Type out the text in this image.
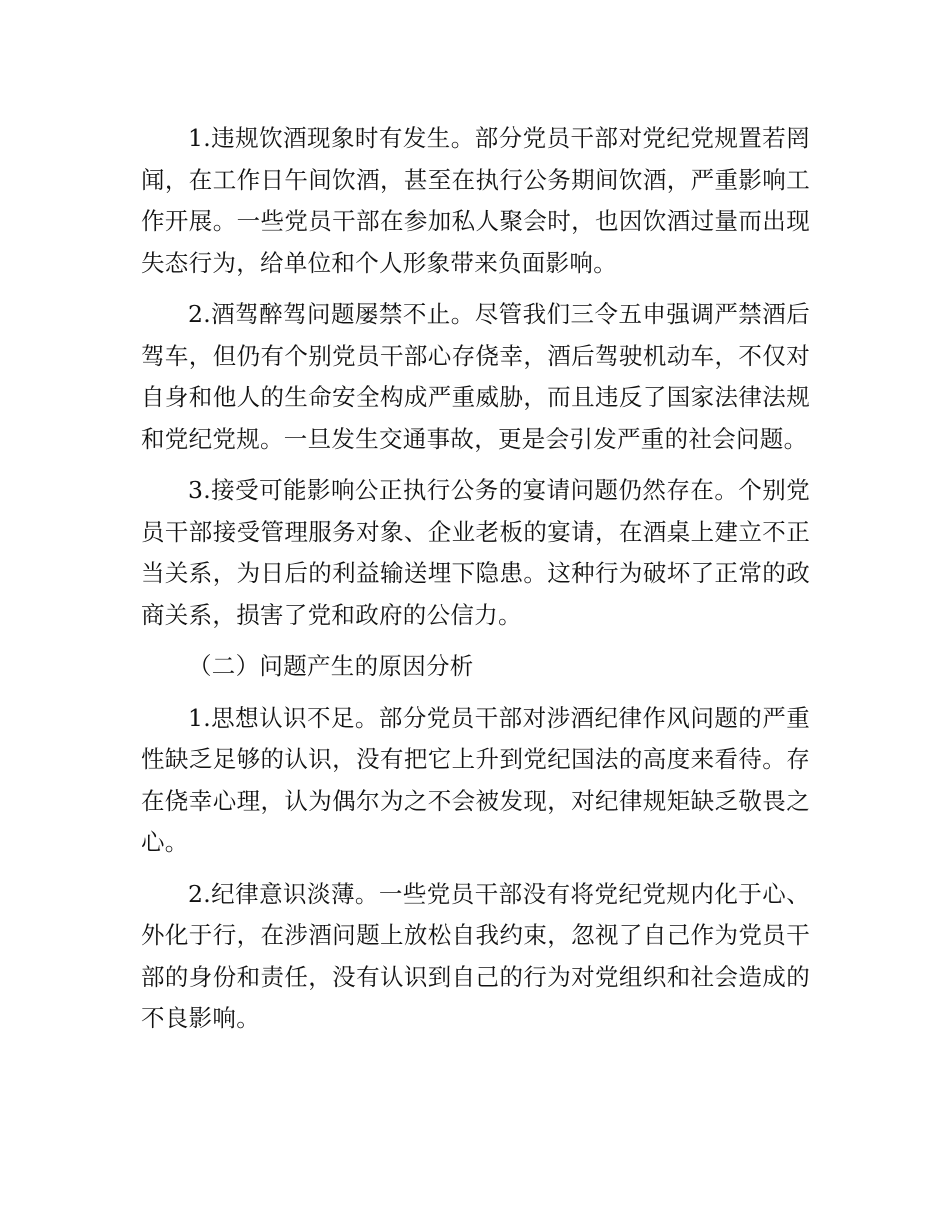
1.违规饮酒现象时有发生。部分党员干部对党纪党规置若罔闻，在工作日午间饮酒，甚至在执行公务期间饮酒，严重影响工作开展。一些党员干部在参加私人聚会时，也因饮酒过量而出现失态行为，给单位和个人形象带来负面影响。

2.酒驾醉驾问题屡禁不止。尽管我们三令五申强调严禁酒后驾车，但仍有个别党员干部心存侥幸，酒后驾驶机动车，不仅对自身和他人的生命安全构成严重威胁，而且违反了国家法律法规和党纪党规。一旦发生交通事故，更是会引发严重的社会问题。

3.接受可能影响公正执行公务的宴请问题仍然存在。个别党员干部接受管理服务对象、企业老板的宴请，在酒桌上建立不正当关系，为日后的利益输送埋下隐患。这种行为破坏了正常的政商关系，损害了党和政府的公信力。

（二）问题产生的原因分析

1.思想认识不足。部分党员干部对涉酒纪律作风问题的严重性缺乏足够的认识，没有把它上升到党纪国法的高度来看待。存在侥幸心理，认为偶尔为之不会被发现，对纪律规矩缺乏敬畏之心。

2.纪律意识淡薄。一些党员干部没有将党纪党规内化于心、外化于行，在涉酒问题上放松自我约束，忽视了自己作为党员干部的身份和责任，没有认识到自己的行为对党组织和社会造成的不良影响。
